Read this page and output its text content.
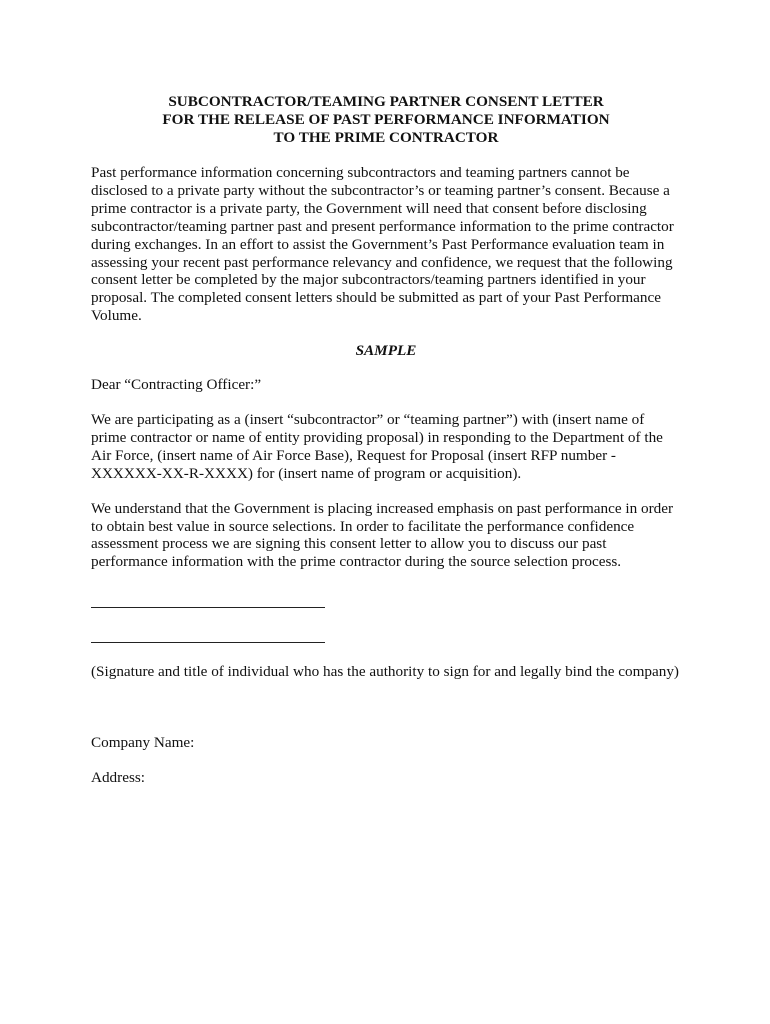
SUBCONTRACTOR/TEAMING PARTNER CONSENT LETTER
FOR THE RELEASE OF PAST PERFORMANCE INFORMATION
TO THE PRIME CONTRACTOR

Past performance information concerning subcontractors and teaming partners cannot be disclosed to a private party without the subcontractor’s or teaming partner’s consent. Because a prime contractor is a private party, the Government will need that consent before disclosing subcontractor/teaming partner past and present performance information to the prime contractor during exchanges. In an effort to assist the Government’s Past Performance evaluation team in assessing your recent past performance relevancy and confidence, we request that the following consent letter be completed by the major subcontractors/teaming partners identified in your proposal. The completed consent letters should be submitted as part of your Past Performance Volume.

SAMPLE

Dear “Contracting Officer:”

We are participating as a (insert “subcontractor” or “teaming partner”) with (insert name of prime contractor or name of entity providing proposal) in responding to the Department of the Air Force, (insert name of Air Force Base), Request for Proposal (insert RFP number - XXXXXX-XX-R-XXXX) for (insert name of program or acquisition).

We understand that the Government is placing increased emphasis on past performance in order to obtain best value in source selections. In order to facilitate the performance confidence assessment process we are signing this consent letter to allow you to discuss our past performance information with the prime contractor during the source selection process.

(Signature and title of individual who has the authority to sign for and legally bind the company)

Company Name:

Address:
